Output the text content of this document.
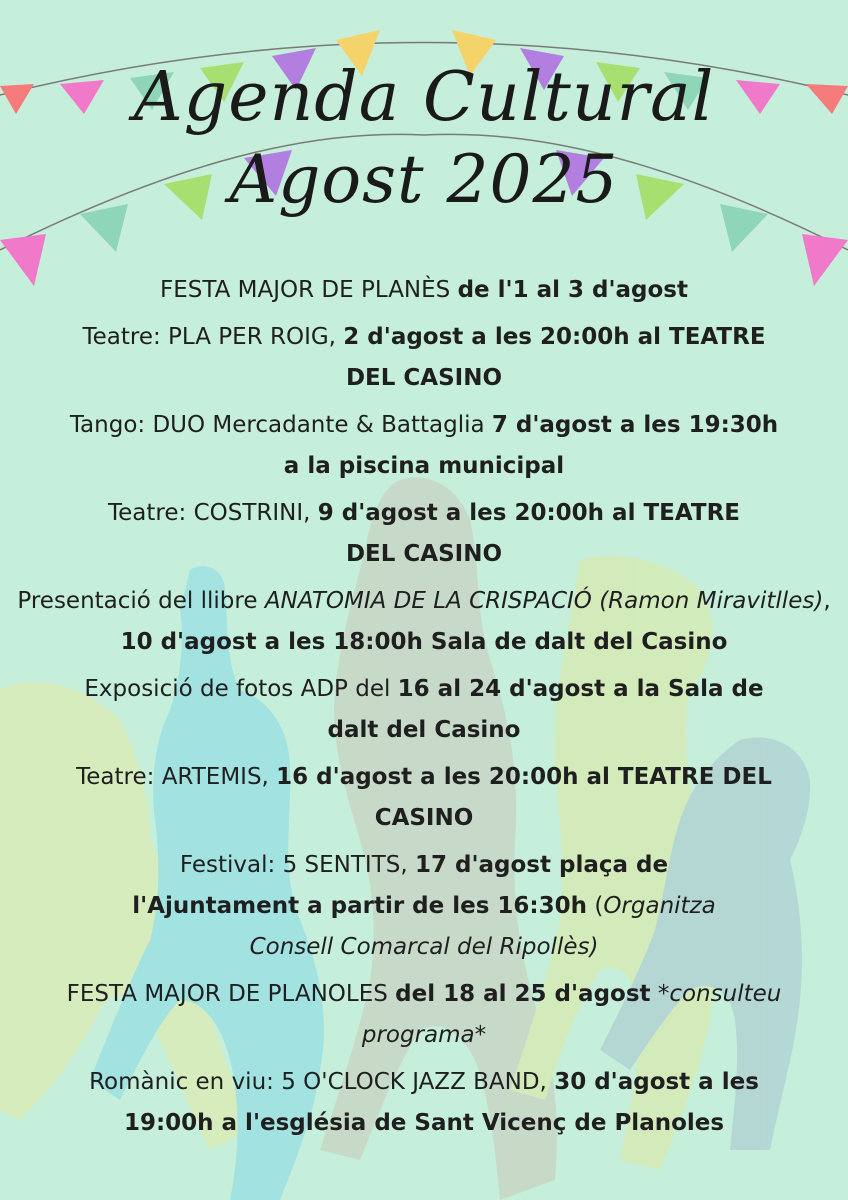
Agenda Cultural
Agost 2025

FESTA MAJOR DE PLANÈS de l'1 al 3 d'agost

Teatre: PLA PER ROIG, 2 d'agost a les 20:00h al TEATRE DEL CASINO

Tango: DUO Mercadante & Battaglia 7 d'agost a les 19:30h a la piscina municipal

Teatre: COSTRINI, 9 d'agost a les 20:00h al TEATRE DEL CASINO

Presentació del llibre ANATOMIA DE LA CRISPACIÓ (Ramon Miravitlles), 10 d'agost a les 18:00h Sala de dalt del Casino

Exposició de fotos ADP del 16 al 24 d'agost a la Sala de dalt del Casino

Teatre: ARTEMIS, 16 d'agost a les 20:00h al TEATRE DEL CASINO

Festival: 5 SENTITS, 17 d'agost plaça de l'Ajuntament a partir de les 16:30h (Organitza Consell Comarcal del Ripollès)

FESTA MAJOR DE PLANOLES del 18 al 25 d'agost *consulteu programa*

Romànic en viu: 5 O'CLOCK JAZZ BAND, 30 d'agost a les 19:00h a l'església de Sant Vicenç de Planoles
